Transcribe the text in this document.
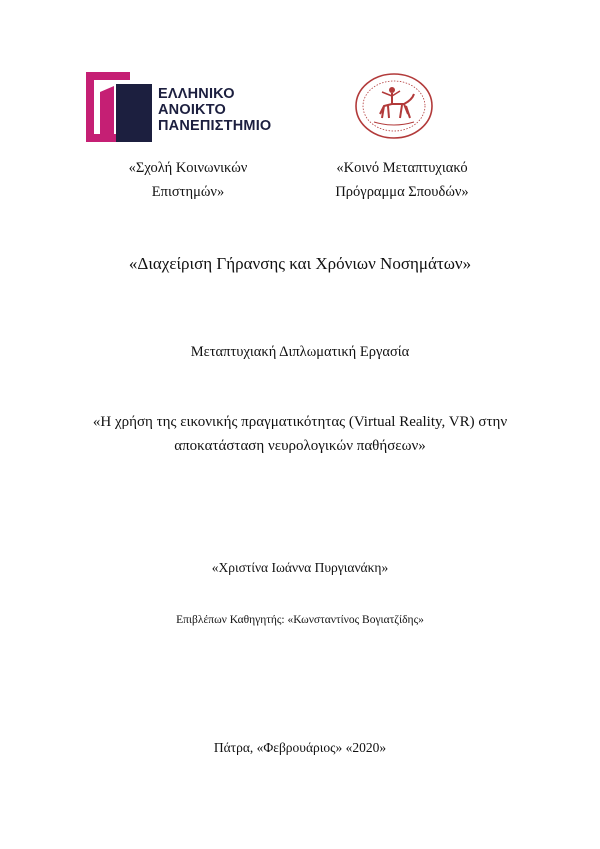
ΕΛΛΗΝΙΚΟ
ΑΝΟΙΚΤΟ
ΠΑΝΕΠΙΣΤΗΜΙΟ
«Σχολή Κοινωνικών
Επιστημών»
«Κοινό Μεταπτυχιακό
Πρόγραμμα Σπουδών»
«Διαχείριση Γήρανσης και Χρόνιων Νοσημάτων»
Μεταπτυχιακή Διπλωματική Εργασία
«Η χρήση της εικονικής πραγματικότητας (Virtual Reality, VR) στην
αποκατάσταση νευρολογικών παθήσεων»
«Χριστίνα Ιωάννα Πυργιανάκη»
Επιβλέπων Καθηγητής: «Κωνσταντίνος Βογιατζίδης»
Πάτρα, «Φεβρουάριος» «2020»
